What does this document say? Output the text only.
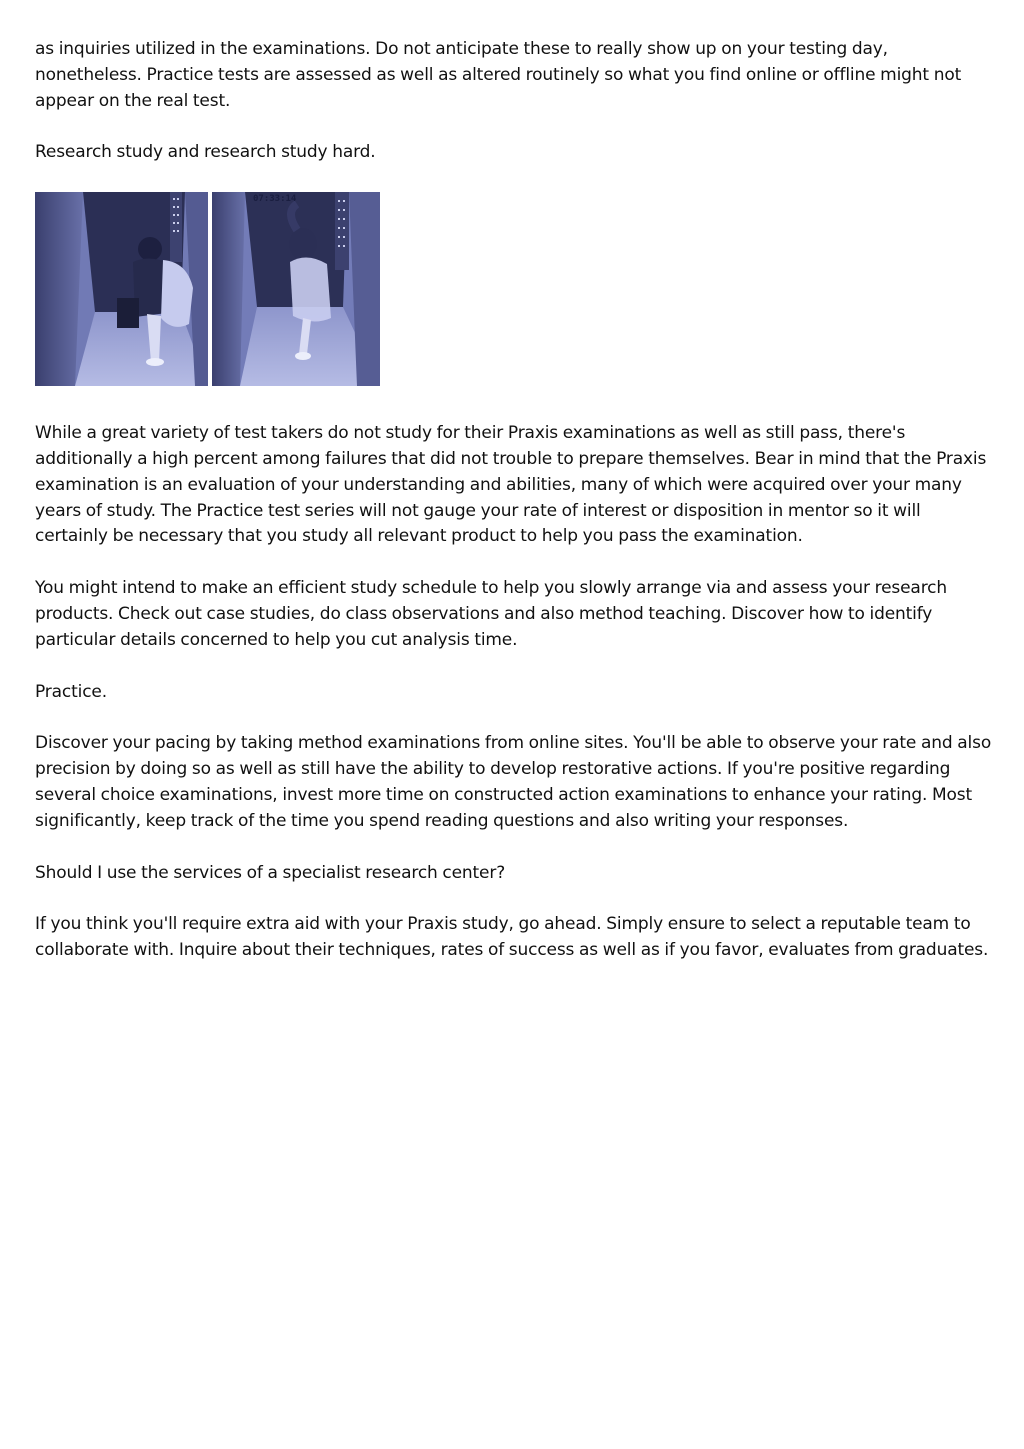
as inquiries utilized in the examinations. Do not anticipate these to really show up on your testing day, nonetheless. Practice tests are assessed as well as altered routinely so what you find online or offline might not appear on the real test.

Research study and research study hard.

07:33:14

While a great variety of test takers do not study for their Praxis examinations as well as still pass, there's additionally a high percent among failures that did not trouble to prepare themselves. Bear in mind that the Praxis examination is an evaluation of your understanding and abilities, many of which were acquired over your many years of study. The Practice test series will not gauge your rate of interest or disposition in mentor so it will certainly be necessary that you study all relevant product to help you pass the examination.

You might intend to make an efficient study schedule to help you slowly arrange via and assess your research products. Check out case studies, do class observations and also method teaching. Discover how to identify particular details concerned to help you cut analysis time.

Practice.

Discover your pacing by taking method examinations from online sites. You'll be able to observe your rate and also precision by doing so as well as still have the ability to develop restorative actions. If you're positive regarding several choice examinations, invest more time on constructed action examinations to enhance your rating. Most significantly, keep track of the time you spend reading questions and also writing your responses.

Should I use the services of a specialist research center?

If you think you'll require extra aid with your Praxis study, go ahead. Simply ensure to select a reputable team to collaborate with. Inquire about their techniques, rates of success as well as if you favor, evaluates from graduates.
